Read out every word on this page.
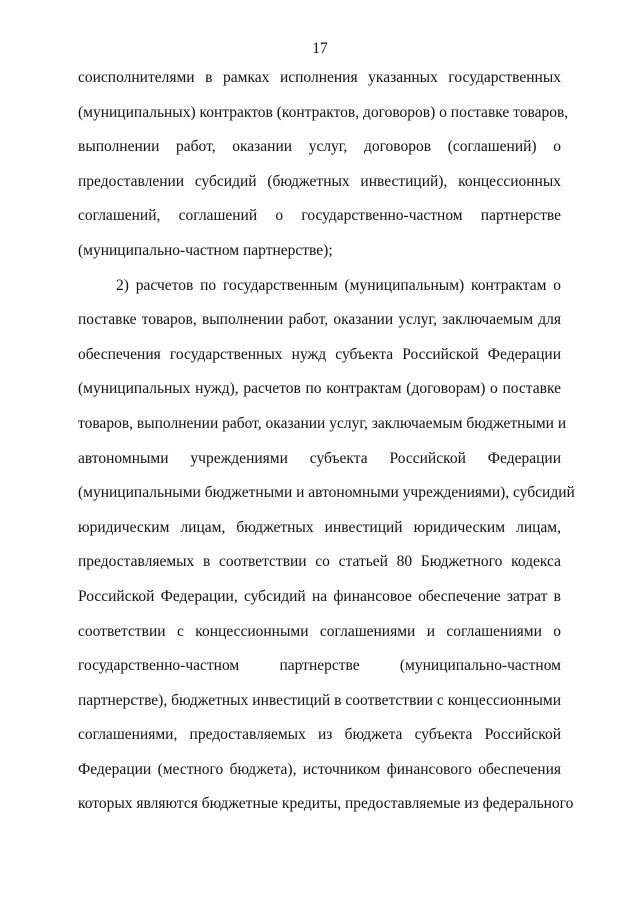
17
соисполнителями в рамках исполнения указанных государственных
(муниципальных) контрактов (контрактов, договоров) о поставке товаров,
выполнении работ, оказании услуг, договоров (соглашений) о
предоставлении субсидий (бюджетных инвестиций), концессионных
соглашений, соглашений о государственно-частном партнерстве
(муниципально-частном партнерстве);
2) расчетов по государственным (муниципальным) контрактам о
поставке товаров, выполнении работ, оказании услуг, заключаемым для
обеспечения государственных нужд субъекта Российской Федерации
(муниципальных нужд), расчетов по контрактам (договорам) о поставке
товаров, выполнении работ, оказании услуг, заключаемым бюджетными и
автономными учреждениями субъекта Российской Федерации
(муниципальными бюджетными и автономными учреждениями), субсидий
юридическим лицам, бюджетных инвестиций юридическим лицам,
предоставляемых в соответствии со статьей 80 Бюджетного кодекса
Российской Федерации, субсидий на финансовое обеспечение затрат в
соответствии с концессионными соглашениями и соглашениями о
государственно-частном партнерстве (муниципально-частном
партнерстве), бюджетных инвестиций в соответствии с концессионными
соглашениями, предоставляемых из бюджета субъекта Российской
Федерации (местного бюджета), источником финансового обеспечения
которых являются бюджетные кредиты, предоставляемые из федерального
